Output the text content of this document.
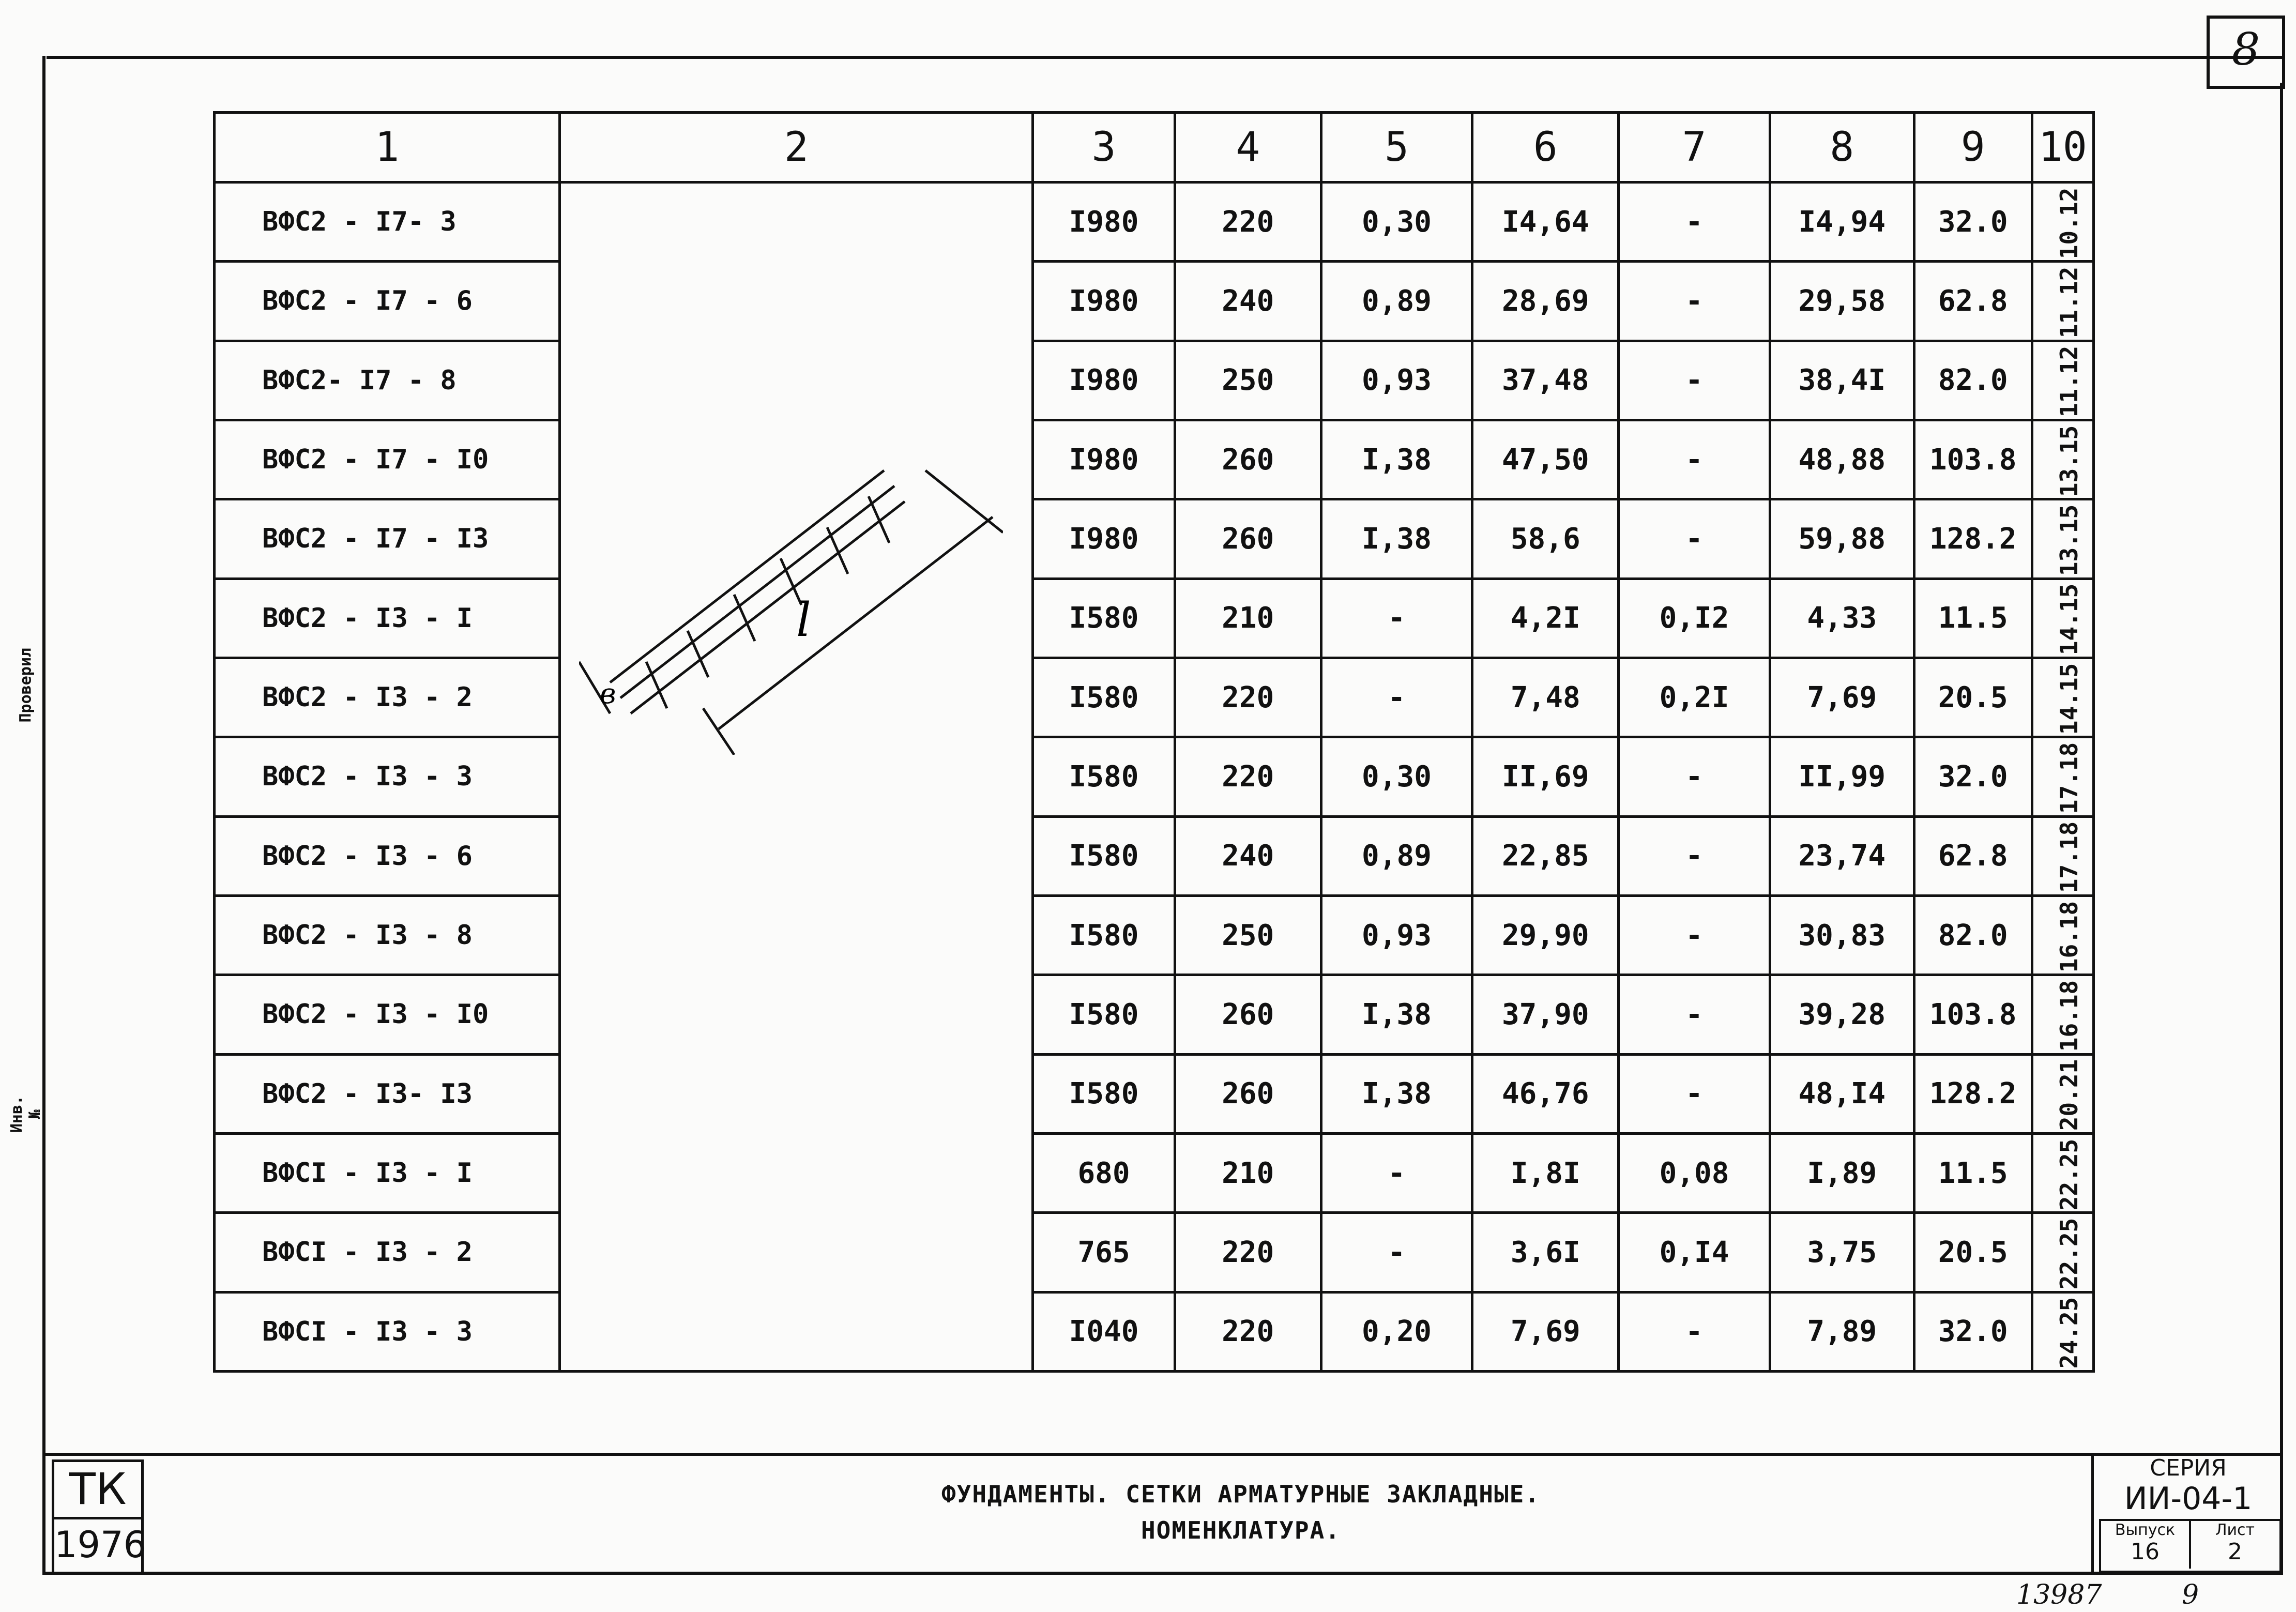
8
Проверил
Инв. №
1	2	3	4	5	6	7	8	9	10
ВФС2 - I7- 3		I980	220	0,30	I4,64	-	I4,94	32.0	10.12
ВФС2 - I7 - 6		I980	240	0,89	28,69	-	29,58	62.8	11.12
ВФС2- I7 - 8		I980	250	0,93	37,48	-	38,4I	82.0	11.12
ВФС2 - I7 - I0		I980	260	I,38	47,50	-	48,88	103.8	13.15
ВФС2 - I7 - I3		I980	260	I,38	58,6	-	59,88	128.2	13.15
ВФС2 - I3 - I		I580	210	-	4,2I	0,I2	4,33	11.5	14.15
ВФС2 - I3 - 2		I580	220	-	7,48	0,2I	7,69	20.5	14.15
ВФС2 - I3 - 3		I580	220	0,30	II,69	-	II,99	32.0	17.18
ВФС2 - I3 - 6		I580	240	0,89	22,85	-	23,74	62.8	17.18
ВФС2 - I3 - 8		I580	250	0,93	29,90	-	30,83	82.0	16.18
ВФС2 - I3 - I0		I580	260	I,38	37,90	-	39,28	103.8	16.18
ВФС2 - I3- I3		I580	260	I,38	46,76	-	48,I4	128.2	20.21
ВФСI - I3 - I		680	210	-	I,8I	0,08	I,89	11.5	22.25
ВФСI - I3 - 2		765	220	-	3,6I	0,I4	3,75	20.5	22.25
ВФСI - I3 - 3		I040	220	0,20	7,69	-	7,89	32.0	24.25
l
в
ТК
1976
ФУНДАМЕНТЫ. СЕТКИ АРМАТУРНЫЕ ЗАКЛАДНЫЕ.
НОМЕНКЛАТУРА.
СЕРИЯ
ИИ-04-1
Выпуск
16
Лист
2
13987	9
